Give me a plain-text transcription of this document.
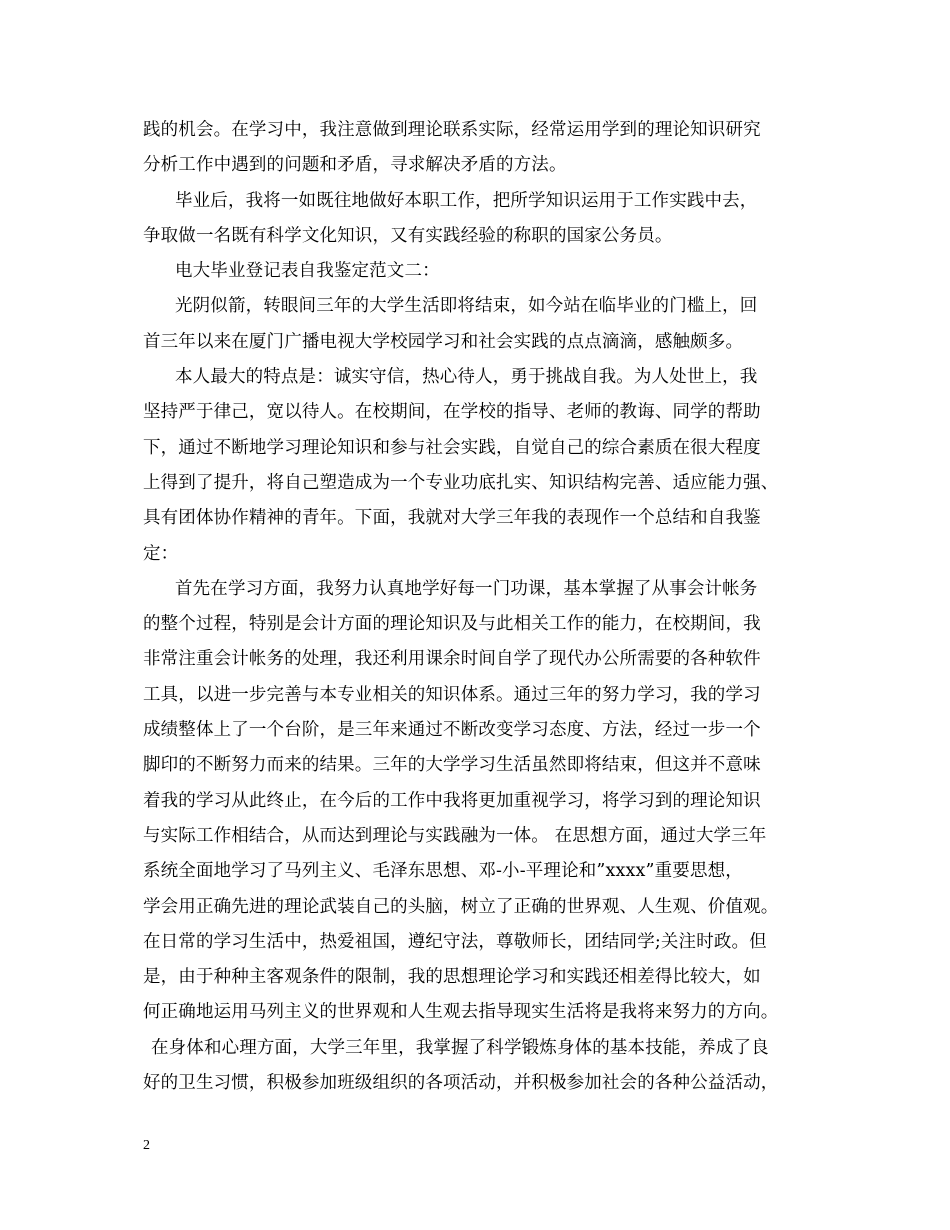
践的机会。在学习中，我注意做到理论联系实际，经常运用学到的理论知识研究
分析工作中遇到的问题和矛盾，寻求解决矛盾的方法。
毕业后，我将一如既往地做好本职工作，把所学知识运用于工作实践中去，
争取做一名既有科学文化知识，又有实践经验的称职的国家公务员。
电大毕业登记表自我鉴定范文二：
光阴似箭，转眼间三年的大学生活即将结束，如今站在临毕业的门槛上，回
首三年以来在厦门广播电视大学校园学习和社会实践的点点滴滴，感触颇多。
本人最大的特点是：诚实守信，热心待人，勇于挑战自我。为人处世上，我
坚持严于律己，宽以待人。在校期间，在学校的指导、老师的教诲、同学的帮助
下，通过不断地学习理论知识和参与社会实践，自觉自己的综合素质在很大程度
上得到了提升，将自己塑造成为一个专业功底扎实、知识结构完善、适应能力强、
具有团体协作精神的青年。下面，我就对大学三年我的表现作一个总结和自我鉴
定：
首先在学习方面，我努力认真地学好每一门功课，基本掌握了从事会计帐务
的整个过程，特别是会计方面的理论知识及与此相关工作的能力，在校期间，我
非常注重会计帐务的处理，我还利用课余时间自学了现代办公所需要的各种软件
工具，以进一步完善与本专业相关的知识体系。通过三年的努力学习，我的学习
成绩整体上了一个台阶，是三年来通过不断改变学习态度、方法，经过一步一个
脚印的不断努力而来的结果。三年的大学学习生活虽然即将结束，但这并不意味
着我的学习从此终止，在今后的工作中我将更加重视学习，将学习到的理论知识
与实际工作相结合，从而达到理论与实践融为一体。 在思想方面，通过大学三年
系统全面地学习了马列主义、毛泽东思想、邓-小-平理论和”xxxx”重要思想，
学会用正确先进的理论武装自己的头脑，树立了正确的世界观、人生观、价值观。
在日常的学习生活中，热爱祖国，遵纪守法，尊敬师长，团结同学;关注时政。但
是，由于种种主客观条件的限制，我的思想理论学习和实践还相差得比较大，如
何正确地运用马列主义的世界观和人生观去指导现实生活将是我将来努力的方向。
在身体和心理方面，大学三年里，我掌握了科学锻炼身体的基本技能，养成了良
好的卫生习惯，积极参加班级组织的各项活动，并积极参加社会的各种公益活动，
2
